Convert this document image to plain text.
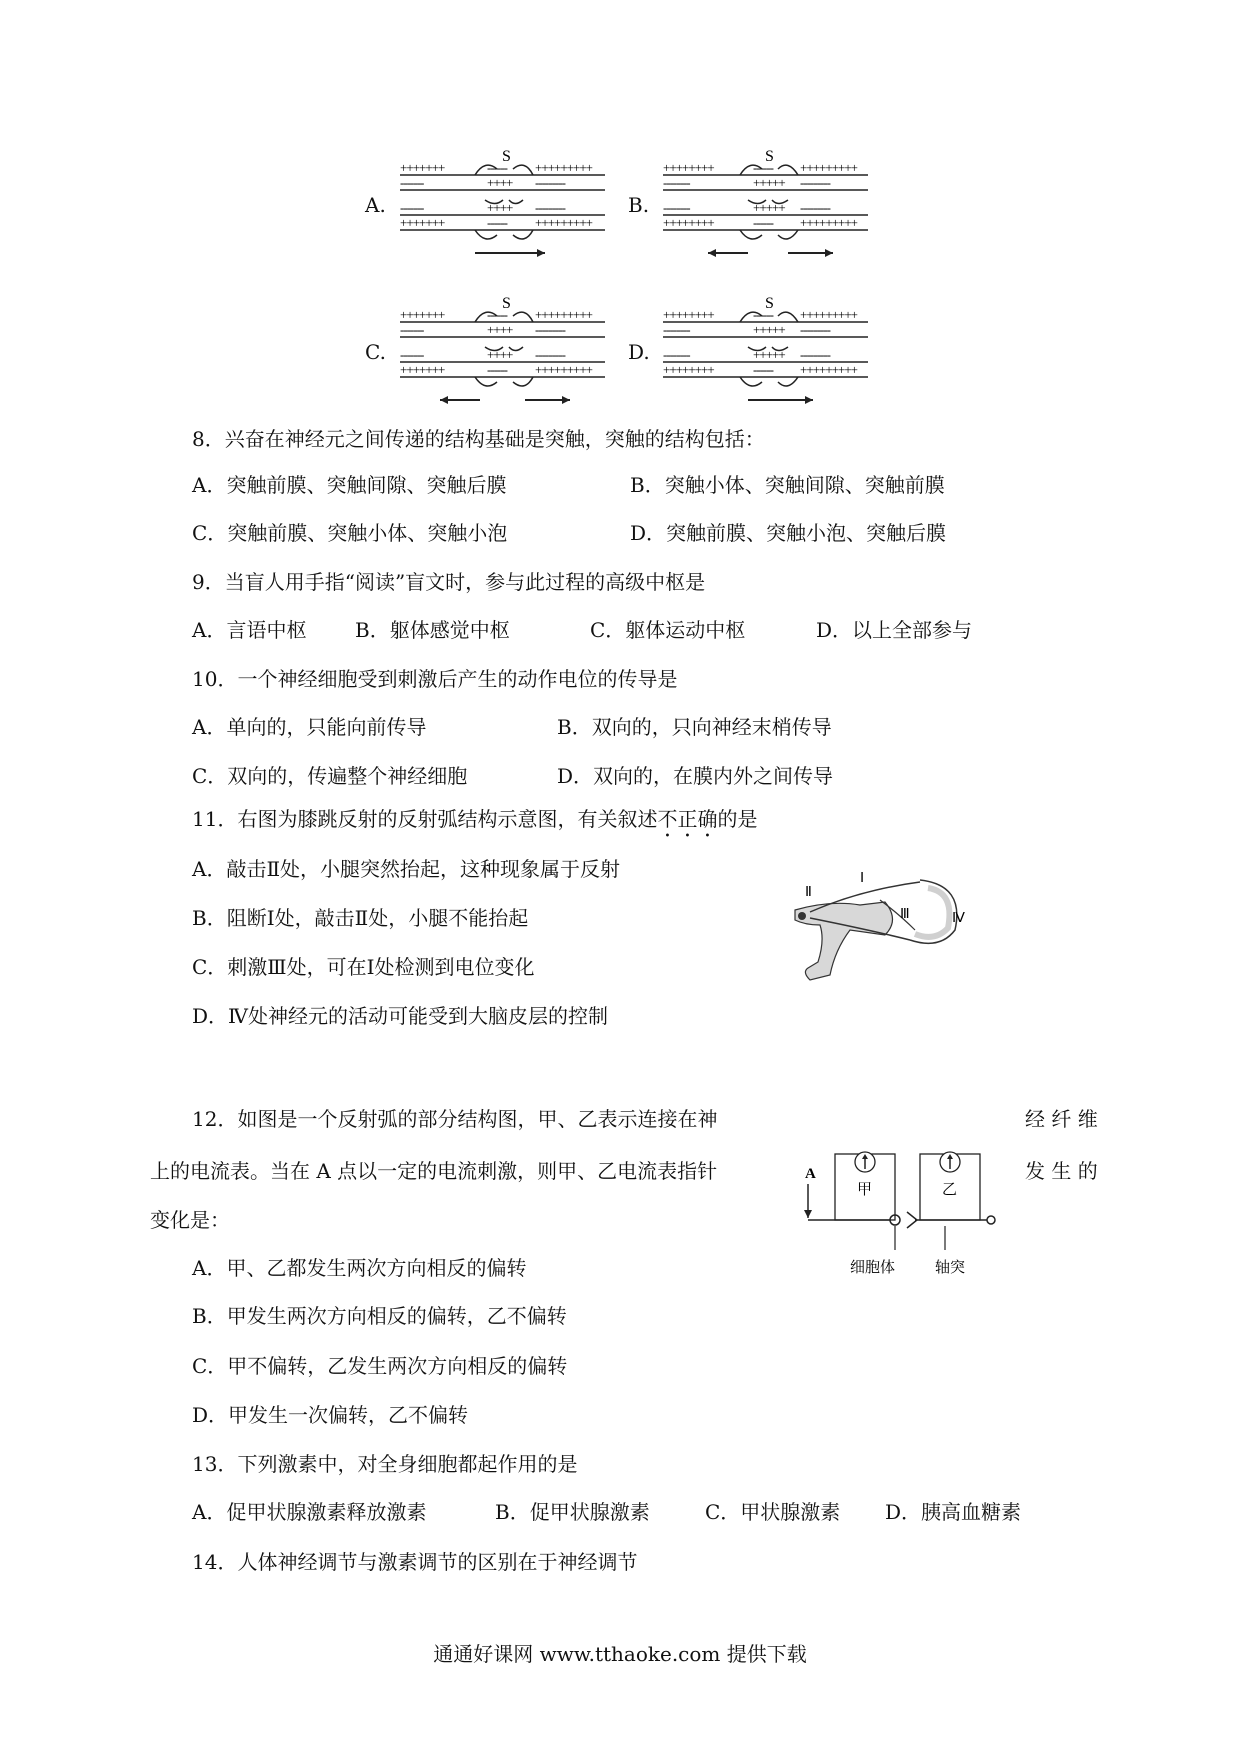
A.
S
+++++++	------ +++++++++
-------	++++ ---------
-------	++++ ---------
+++++++	------ +++++++++
B.
S
++++++++	------ +++++++++
--------	+++++ ---------
--------	+++++ ---------
++++++++	------ +++++++++
C.
S
+++++++	------ +++++++++
-------	++++ ---------
-------	++++ ---------
+++++++	------ +++++++++
D.
S
++++++++	------ +++++++++
--------	+++++ ---------
--------	+++++ ---------
++++++++	------ +++++++++
8．兴奋在神经元之间传递的结构基础是突触，突触的结构包括：
A．突触前膜、突触间隙、突触后膜	B．突触小体、突触间隙、突触前膜
C．突触前膜、突触小体、突触小泡	D．突触前膜、突触小泡、突触后膜
9．当盲人用手指“阅读”盲文时，参与此过程的高级中枢是
A．言语中枢 B．躯体感觉中枢	C．躯体运动中枢	D．以上全部参与
10．一个神经细胞受到刺激后产生的动作电位的传导是
A．单向的，只能向前传导	B．双向的，只向神经末梢传导
C．双向的，传遍整个神经细胞	D．双向的，在膜内外之间传导
11．右图为膝跳反射的反射弧结构示意图，有关叙述不正确的是
A．敲击Ⅱ处，小腿突然抬起，这种现象属于反射
B．阻断Ⅰ处，敲击Ⅱ处，小腿不能抬起
C．刺激Ⅲ处，可在Ⅰ处检测到电位变化
D．Ⅳ处神经元的活动可能受到大脑皮层的控制
Ⅰ
Ⅱ
Ⅲ	Ⅳ
12．如图是一个反射弧的部分结构图，甲、乙表示连接在神	经 纤 维
上的电流表。当在 A 点以一定的电流刺激，则甲、乙电流表指针	发 生 的
变化是：
A．甲、乙都发生两次方向相反的偏转
B．甲发生两次方向相反的偏转，乙不偏转
C．甲不偏转，乙发生两次方向相反的偏转
D．甲发生一次偏转，乙不偏转
A
甲	乙
细胞体	轴突
13．下列激素中，对全身细胞都起作用的是
A．促甲状腺激素释放激素	B．促甲状腺激素	C．甲状腺激素 D．胰高血糖素
14．人体神经调节与激素调节的区别在于神经调节
通通好课网 www.tthaoke.com 提供下载
